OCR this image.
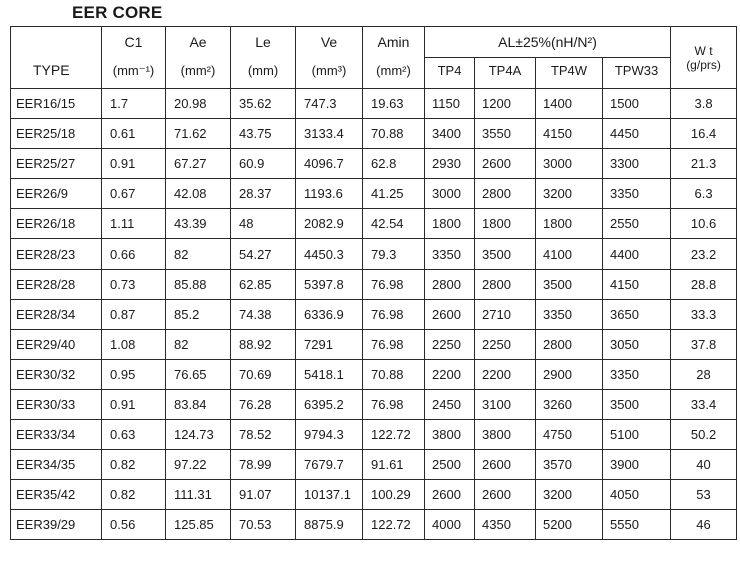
EER CORE
TYPE	C1	Ae	Le	Ve	Amin	AL±25%(nH/N²)				W t
(g/prs)

	(mm⁻¹)	(mm²)	(mm)	(mm³)	(mm²)	TP4	TP4A	TP4W	TPW33	
EER16/15	1.7	20.98	35.62	747.3	19.63	1150	1200	1400	1500	3.8
EER25/18	0.61	71.62	43.75	3133.4	70.88	3400	3550	4150	4450	16.4
EER25/27	0.91	67.27	60.9	4096.7	62.8	2930	2600	3000	3300	21.3
EER26/9	0.67	42.08	28.37	1193.6	41.25	3000	2800	3200	3350	6.3
EER26/18	1.11	43.39	48	2082.9	42.54	1800	1800	1800	2550	10.6
EER28/23	0.66	82	54.27	4450.3	79.3	3350	3500	4100	4400	23.2
EER28/28	0.73	85.88	62.85	5397.8	76.98	2800	2800	3500	4150	28.8
EER28/34	0.87	85.2	74.38	6336.9	76.98	2600	2710	3350	3650	33.3
EER29/40	1.08	82	88.92	7291	76.98	2250	2250	2800	3050	37.8
EER30/32	0.95	76.65	70.69	5418.1	70.88	2200	2200	2900	3350	28
EER30/33	0.91	83.84	76.28	6395.2	76.98	2450	3100	3260	3500	33.4
EER33/34	0.63	124.73	78.52	9794.3	122.72	3800	3800	4750	5100	50.2
EER34/35	0.82	97.22	78.99	7679.7	91.61	2500	2600	3570	3900	40
EER35/42	0.82	111.31	91.07	10137.1	100.29	2600	2600	3200	4050	53
EER39/29	0.56	125.85	70.53	8875.9	122.72	4000	4350	5200	5550	46
